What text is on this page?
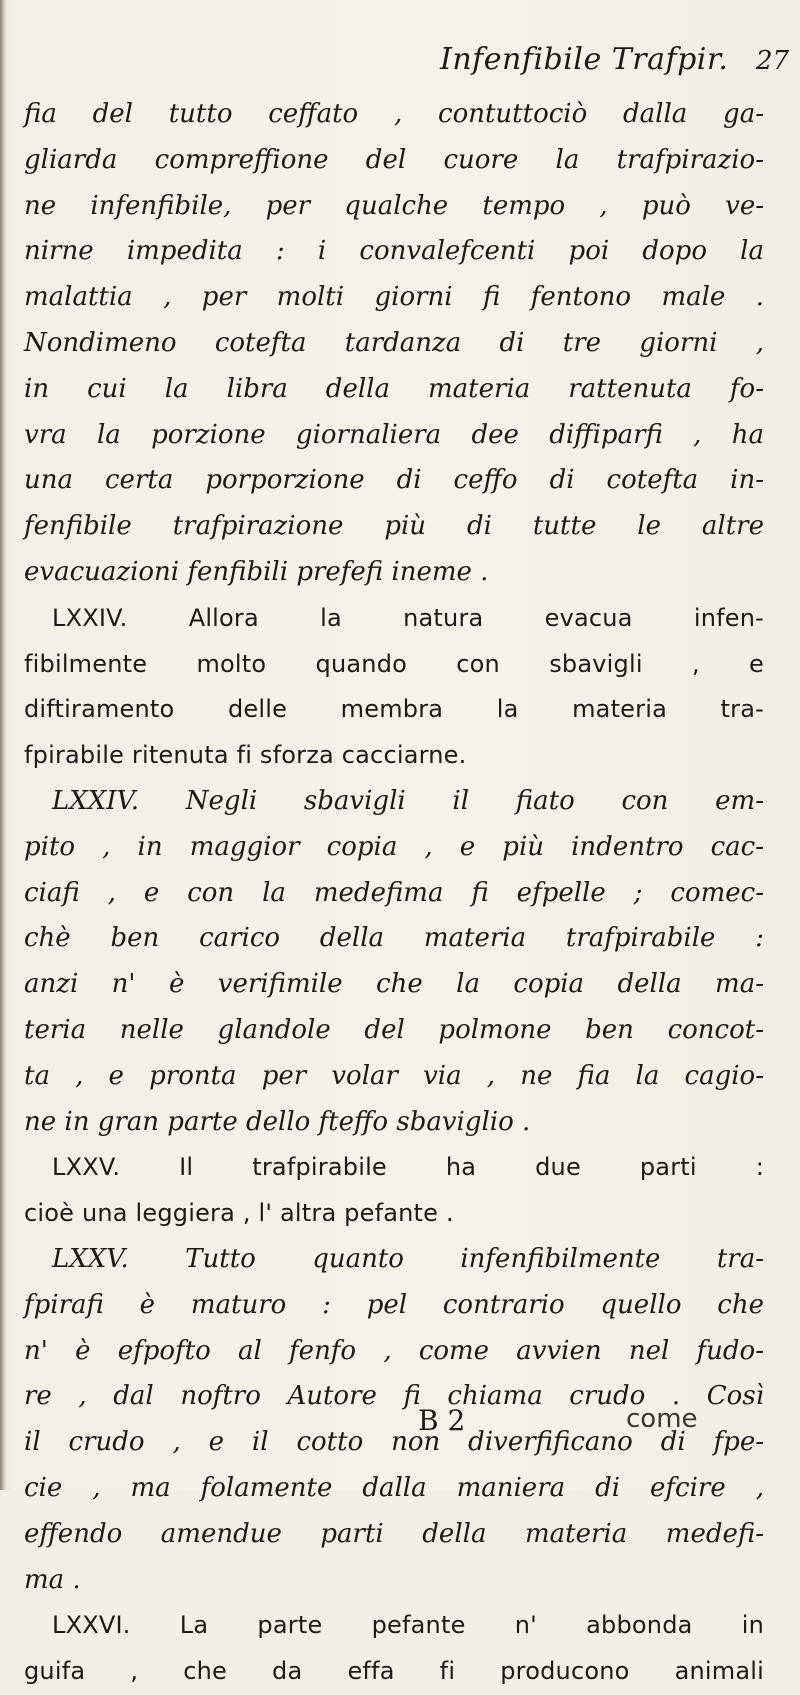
Infenfibile Trafpir. 27
fia del tutto ceffato , contuttociò dalla ga-
gliarda compreffione del cuore la trafpirazio-
ne infenfibile, per qualche tempo , può ve-
nirne impedita : i convalefcenti poi dopo la
malattia , per molti giorni fi fentono male .
Nondimeno cotefta tardanza di tre giorni ,
in cui la libra della materia rattenuta fo-
vra la porzione giornaliera dee diffiparfi , ha
una certa porporzione di ceffo di cotefta in-
fenfibile trafpirazione più di tutte le altre
evacuazioni fenfibili prefefi ineme .
LXXIV. Allora la natura evacua infen-
fibilmente molto quando con sbavigli , e
diftiramento delle membra la materia tra-
fpirabile ritenuta fi sforza cacciarne.
LXXIV. Negli sbavigli il fiato con em-
pito , in maggior copia , e più indentro cac-
ciafi , e con la medefima fi efpelle ; comec-
chè ben carico della materia trafpirabile :
anzi n' è verifimile che la copia della ma-
teria nelle glandole del polmone ben concot-
ta , e pronta per volar via , ne fia la cagio-
ne in gran parte dello fteffo sbaviglio .
LXXV. Il trafpirabile ha due parti :
cioè una leggiera , l' altra pefante .
LXXV. Tutto quanto infenfibilmente tra-
fpirafi è maturo : pel contrario quello che
n' è efpofto al fenfo , come avvien nel fudo-
re , dal noftro Autore fi chiama crudo . Così
il crudo , e il cotto non diverfificano di fpe-
cie , ma folamente dalla maniera di efcire ,
effendo amendue parti della materia medefi-
ma .
LXXVI. La parte pefante n' abbonda in
guifa , che da effa fi producono animali
B 2	come
